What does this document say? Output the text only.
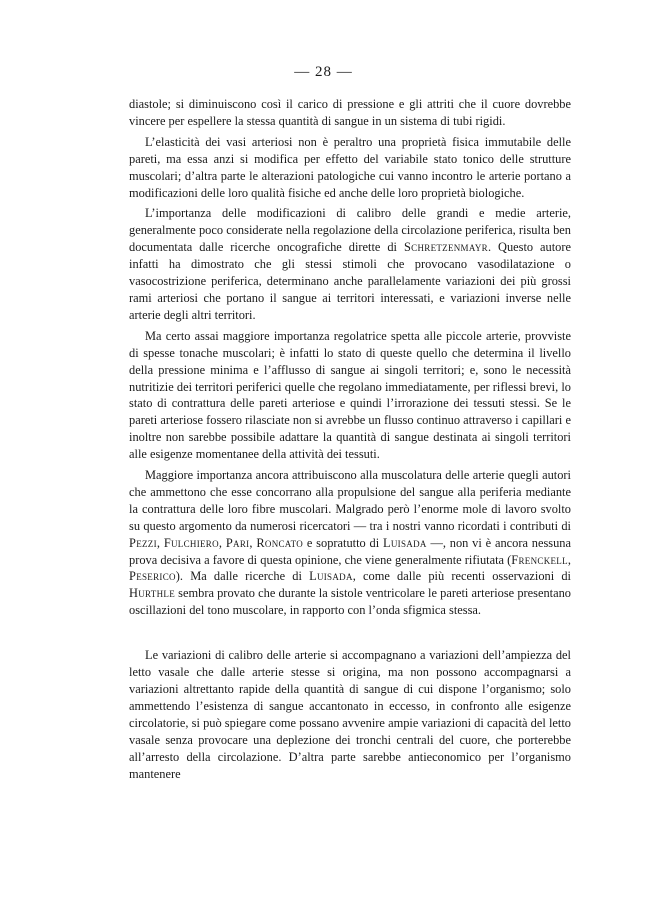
— 28 —

diastole; si diminuiscono così il carico di pressione e gli attriti che il cuore dovrebbe vincere per espellere la stessa quantità di sangue in un sistema di tubi rigidi.

L’elasticità dei vasi arteriosi non è peraltro una proprietà fisica immutabile delle pareti, ma essa anzi si modifica per effetto del variabile stato tonico delle strutture muscolari; d’altra parte le alterazioni patologiche cui vanno incontro le arterie portano a modificazioni delle loro qualità fisiche ed anche delle loro proprietà biologiche.

L’importanza delle modificazioni di calibro delle grandi e medie arterie, generalmente poco considerate nella regolazione della circolazione periferica, risulta ben documentata dalle ricerche oncografiche dirette di Schretzenmayr. Questo autore infatti ha dimostrato che gli stessi stimoli che provocano vasodilatazione o vasocostrizione periferica, determinano anche parallelamente variazioni dei più grossi rami arteriosi che portano il sangue ai territori interessati, e variazioni inverse nelle arterie degli altri territori.

Ma certo assai maggiore importanza regolatrice spetta alle piccole arterie, provviste di spesse tonache muscolari; è infatti lo stato di queste quello che determina il livello della pressione minima e l’afflusso di sangue ai singoli territori; e, sono le necessità nutritizie dei territori periferici quelle che regolano immediatamente, per riflessi brevi, lo stato di contrattura delle pareti arteriose e quindi l’irrorazione dei tessuti stessi. Se le pareti arteriose fossero rilasciate non si avrebbe un flusso continuo attraverso i capillari e inoltre non sarebbe possibile adattare la quantità di sangue destinata ai singoli territori alle esigenze momentanee della attività dei tessuti.

Maggiore importanza ancora attribuiscono alla muscolatura delle arterie quegli autori che ammettono che esse concorrano alla propulsione del sangue alla periferia mediante la contrattura delle loro fibre muscolari. Malgrado però l’enorme mole di lavoro svolto su questo argomento da numerosi ricercatori — tra i nostri vanno ricordati i contributi di Pezzi, Fulchiero, Pari, Roncato e sopratutto di Luisada —, non vi è ancora nessuna prova decisiva a favore di questa opinione, che viene generalmente rifiutata (Frenckell, Peserico). Ma dalle ricerche di Luisada, come dalle più recenti osservazioni di Hurthle sembra provato che durante la sistole ventricolare le pareti arteriose presentano oscillazioni del tono muscolare, in rapporto con l’onda sfigmica stessa.

Le variazioni di calibro delle arterie si accompagnano a variazioni dell’ampiezza del letto vasale che dalle arterie stesse si origina, ma non possono accompagnarsi a variazioni altrettanto rapide della quantità di sangue di cui dispone l’organismo; solo ammettendo l’esistenza di sangue accantonato in eccesso, in confronto alle esigenze circolatorie, si può spiegare come possano avvenire ampie variazioni di capacità del letto vasale senza provocare una deplezione dei tronchi centrali del cuore, che porterebbe all’arresto della circolazione. D’altra parte sarebbe antieconomico per l’organismo mantenere
